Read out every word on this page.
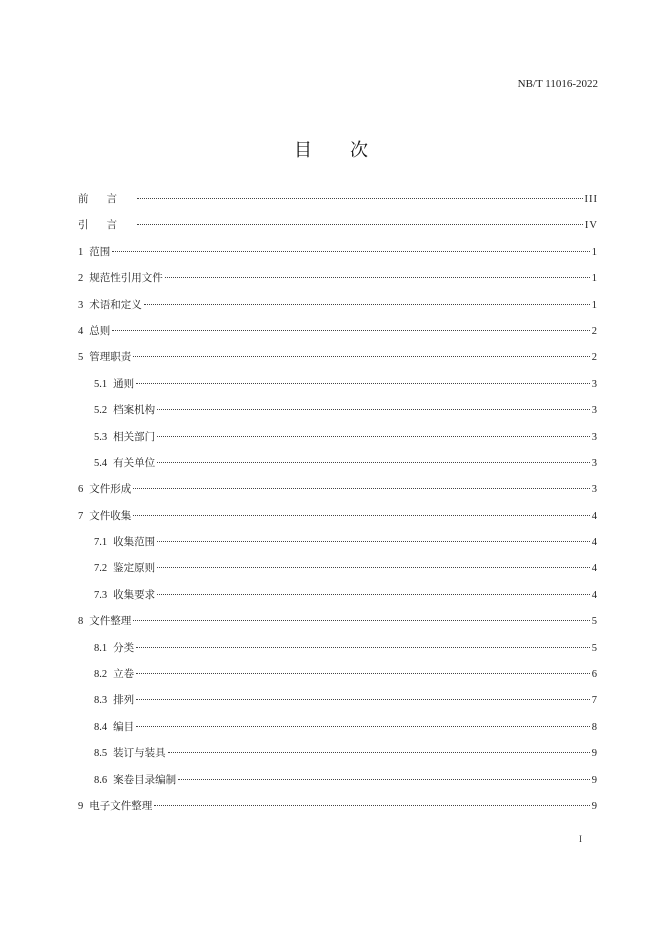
NB/T 11016-2022
目 次
前言	III
引言	IV
1 范围	1
2 规范性引用文件	1
3 术语和定义	1
4 总则	2
5 管理职责	2
5.1 通则	3
5.2 档案机构	3
5.3 相关部门	3
5.4 有关单位	3
6 文件形成	3
7 文件收集	4
7.1 收集范围	4
7.2 鉴定原则	4
7.3 收集要求	4
8 文件整理	5
8.1 分类	5
8.2 立卷	6
8.3 排列	7
8.4 编目	8
8.5 装订与装具	9
8.6 案卷目录编制	9
9 电子文件整理	9
I
